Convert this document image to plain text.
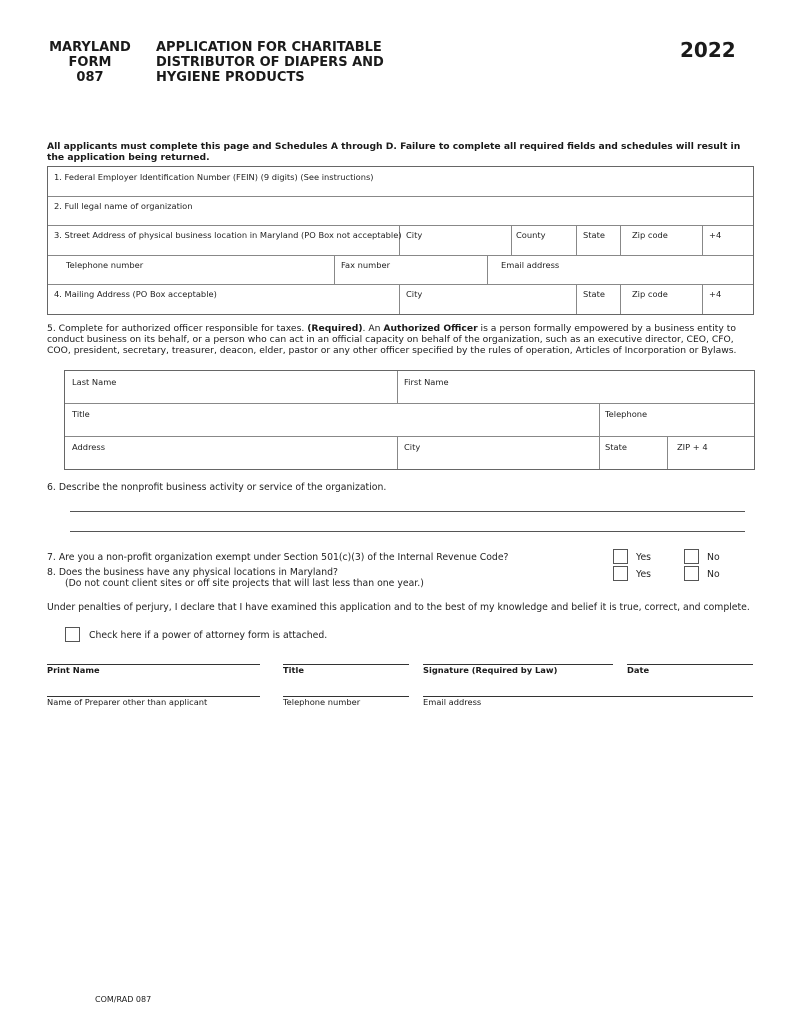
MARYLAND
FORM
087
APPLICATION FOR CHARITABLE
DISTRIBUTOR OF DIAPERS AND
HYGIENE PRODUCTS
2022
All applicants must complete this page and Schedules A through D. Failure to complete all required fields and schedules will result in the application being returned.
1. Federal Employer Identification Number (FEIN) (9 digits) (See instructions)
2. Full legal name of organization
3. Street Address of physical business location in Maryland (PO Box not acceptable) City	County	State	Zip code	+4
Telephone number	Fax number	Email address
4. Mailing Address (PO Box acceptable)	City	State	Zip code	+4
5. Complete for authorized officer responsible for taxes. (Required). An Authorized Officer is a person formally empowered by a business entity to conduct business on its behalf, or a person who can act in an official capacity on behalf of the organization, such as an executive director, CEO, CFO, COO, president, secretary, treasurer, deacon, elder, pastor or any other officer specified by the rules of operation, Articles of Incorporation or Bylaws.
Last Name	First Name
Title	Telephone
Address	City	State	ZIP + 4
6. Describe the nonprofit business activity or service of the organization.
7. Are you a non-profit organization exempt under Section 501(c)(3) of the Internal Revenue Code?	Yes	No
8. Does the business have any physical locations in Maryland?
(Do not count client sites or off site projects that will last less than one year.)
Yes	No
Under penalties of perjury, I declare that I have examined this application and to the best of my knowledge and belief it is true, correct, and complete.
Check here if a power of attorney form is attached.
Print Name	Title	Signature (Required by Law)	Date
Name of Preparer other than applicant	Telephone number	Email address
COM/RAD 087
